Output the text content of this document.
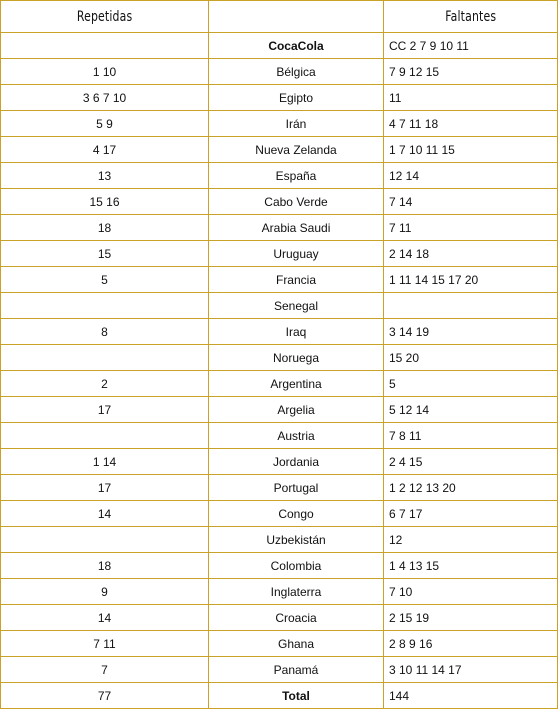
Repetidas		Faltantes
	CocaCola	CC 2 7 9 10 11
1 10	Bélgica	7 9 12 15
3 6 7 10	Egipto	11
5 9	Irán	4 7 11 18
4 17	Nueva Zelanda	1 7 10 11 15
13	España	12 14
15 16	Cabo Verde	7 14
18	Arabia Saudi	7 11
15	Uruguay	2 14 18
5	Francia	1 11 14 15 17 20
	Senegal	
8	Iraq	3 14 19
	Noruega	15 20
2	Argentina	5
17	Argelia	5 12 14
	Austria	7 8 11
1 14	Jordania	2 4 15
17	Portugal	1 2 12 13 20
14	Congo	6 7 17
	Uzbekistán	12
18	Colombia	1 4 13 15
9	Inglaterra	7 10
14	Croacia	2 15 19
7 11	Ghana	2 8 9 16
7	Panamá	3 10 11 14 17
77	Total	144
